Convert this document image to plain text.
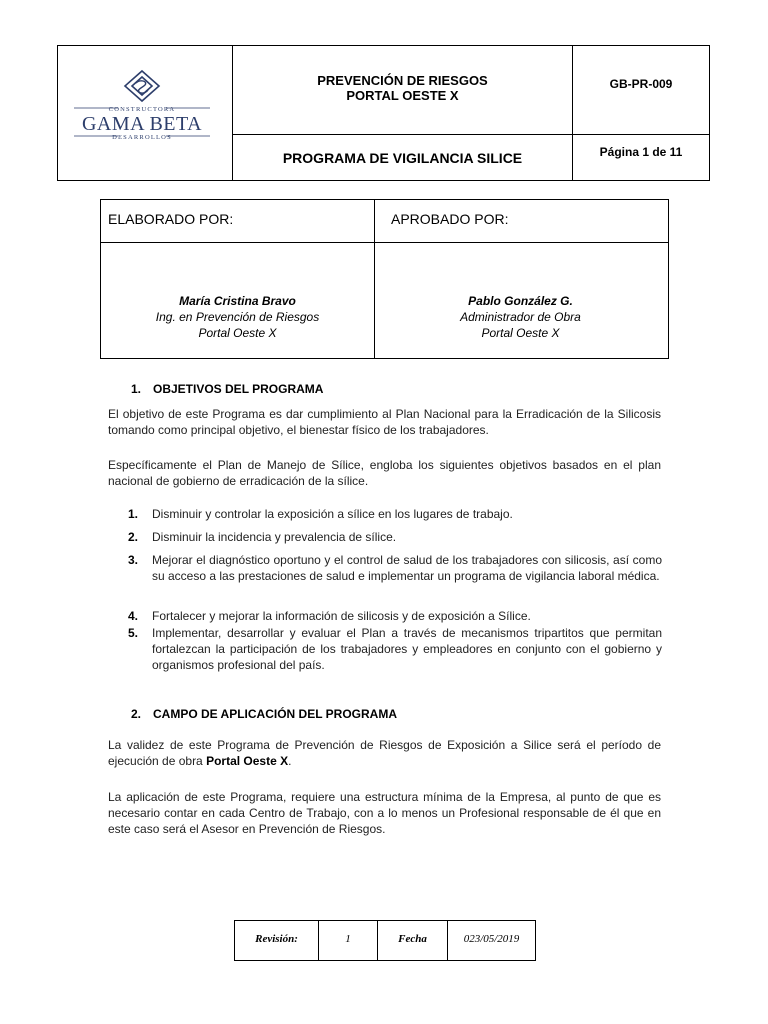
CONSTRUCTORA
GAMA BETA
DESARROLLOS
PREVENCIÓN DE RIESGOS
PORTAL OESTE X
PROGRAMA DE VIGILANCIA SILICE
GB-PR-009
Página 1 de 11
ELABORADO POR:	APROBADO POR:
María Cristina Bravo
Ing. en Prevención de Riesgos
Portal Oeste X
Pablo González G.
Administrador de Obra
Portal Oeste X
1. OBJETIVOS DEL PROGRAMA
El objetivo de este Programa es dar cumplimiento al Plan Nacional para la Erradicación de la Silicosis tomando como principal objetivo, el bienestar físico de los trabajadores.
Específicamente el Plan de Manejo de Sílice, engloba los siguientes objetivos basados en el plan nacional de gobierno de erradicación de la sílice.
1. Disminuir y controlar la exposición a sílice en los lugares de trabajo.
2. Disminuir la incidencia y prevalencia de sílice.
3. Mejorar el diagnóstico oportuno y el control de salud de los trabajadores con silicosis, así como su acceso a las prestaciones de salud e implementar un programa de vigilancia laboral médica.
4. Fortalecer y mejorar la información de silicosis y de exposición a Sílice.
5. Implementar, desarrollar y evaluar el Plan a través de mecanismos tripartitos que permitan fortalezcan la participación de los trabajadores y empleadores en conjunto con el gobierno y organismos profesional del país.
2. CAMPO DE APLICACIÓN DEL PROGRAMA
La validez de este Programa de Prevención de Riesgos de Exposición a Silice será el período de ejecución de obra Portal Oeste X.
La aplicación de este Programa, requiere una estructura mínima de la Empresa, al punto de que es necesario contar en cada Centro de Trabajo, con a lo menos un Profesional responsable de él que en este caso será el Asesor en Prevención de Riesgos.
Revisión:	1	Fecha	023/05/2019
